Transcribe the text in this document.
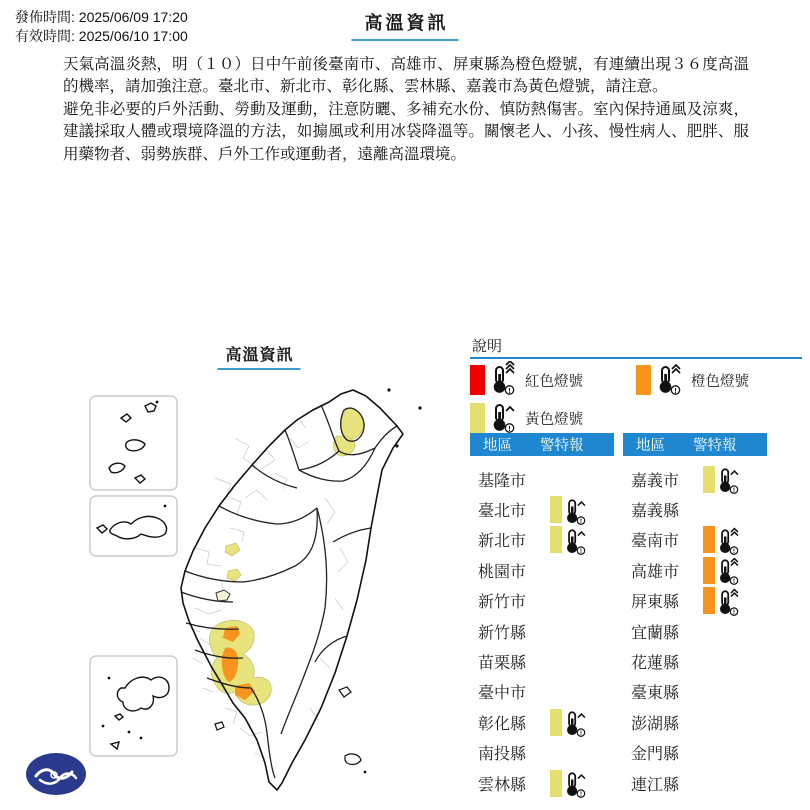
發佈時間: 2025/06/09 17:20
有效時間: 2025/06/10 17:00
高溫資訊

天氣高溫炎熱，明（１０）日中午前後臺南市、高雄市、屏東縣為橙色燈號，有連續出現３６度高溫的機率，請加強注意。臺北市、新北市、彰化縣、雲林縣、嘉義市為黃色燈號，請注意。

避免非必要的戶外活動、勞動及運動，注意防曬、多補充水份、慎防熱傷害。室內保持通風及涼爽，建議採取人體或環境降溫的方法，如搧風或利用冰袋降溫等。關懷老人、小孩、慢性病人、肥胖、服用藥物者、弱勢族群、戶外工作或運動者，遠離高溫環境。

高溫資訊
說明
!
紅色燈號
!
橙色燈號
!
黃色燈號
地區	警特報
基隆市
臺北市
!
新北市
!
桃園市
新竹市
新竹縣
苗栗縣
臺中市
彰化縣
!
南投縣
雲林縣
!
地區	警特報
嘉義市
!
嘉義縣
臺南市
!
高雄市
!
屏東縣
!
宜蘭縣
花蓮縣
臺東縣
澎湖縣
金門縣
連江縣
